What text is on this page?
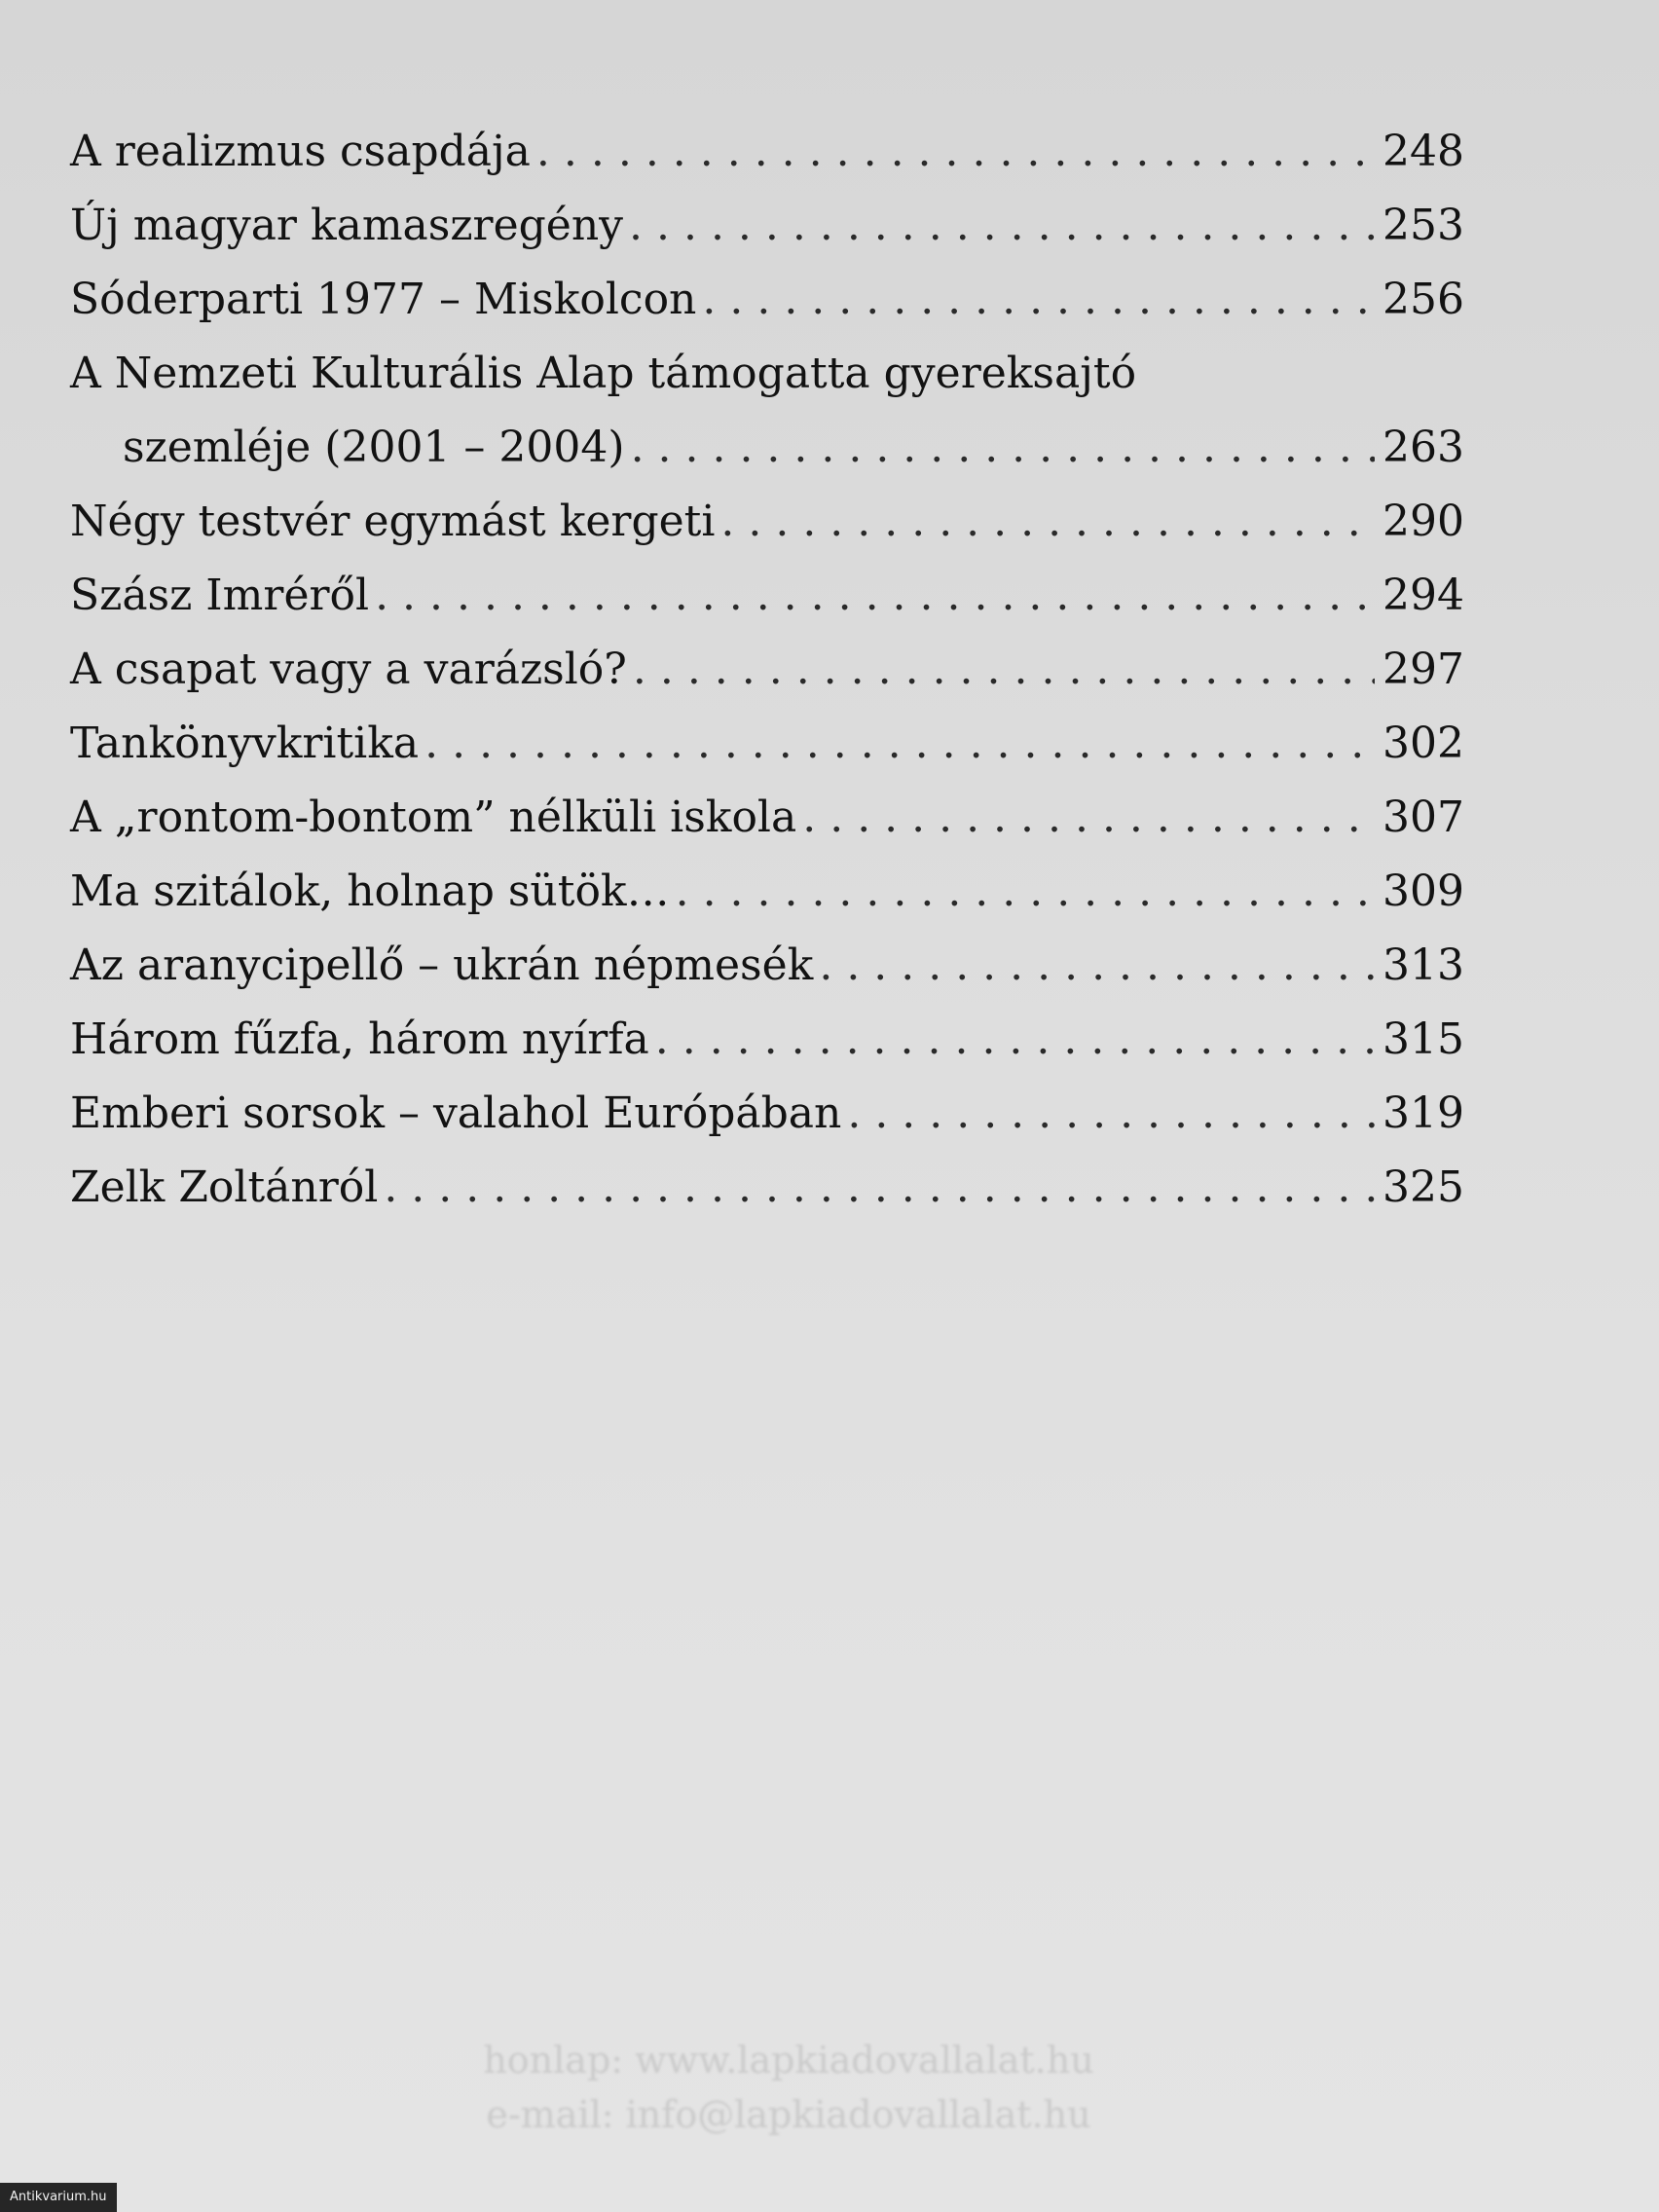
A realizmus csapdája . . .	248
Új magyar kamaszregény . . .	253
Sóderparti 1977 – Miskolcon . . .	256
A Nemzeti Kulturális Alap támogatta gyereksajtó
szemléje (2001 – 2004) . . .	263
Négy testvér egymást kergeti . . .	290
Szász Imréről . . .	294
A csapat vagy a varázsló? . . .	297
Tankönyvkritika . . .	302
A „rontom-bontom” nélküli iskola . . .	307
Ma szitálok, holnap sütök… . . .	309
Az aranycipellő – ukrán népmesék . . .	313
Három fűzfa, három nyírfa . . .	315
Emberi sorsok – valahol Európában . . .	319
Zelk Zoltánról . . .	325
honlap: www.lapkiadovallalat.hu
e-mail: info@lapkiadovallalat.hu
Antikvarium.hu
